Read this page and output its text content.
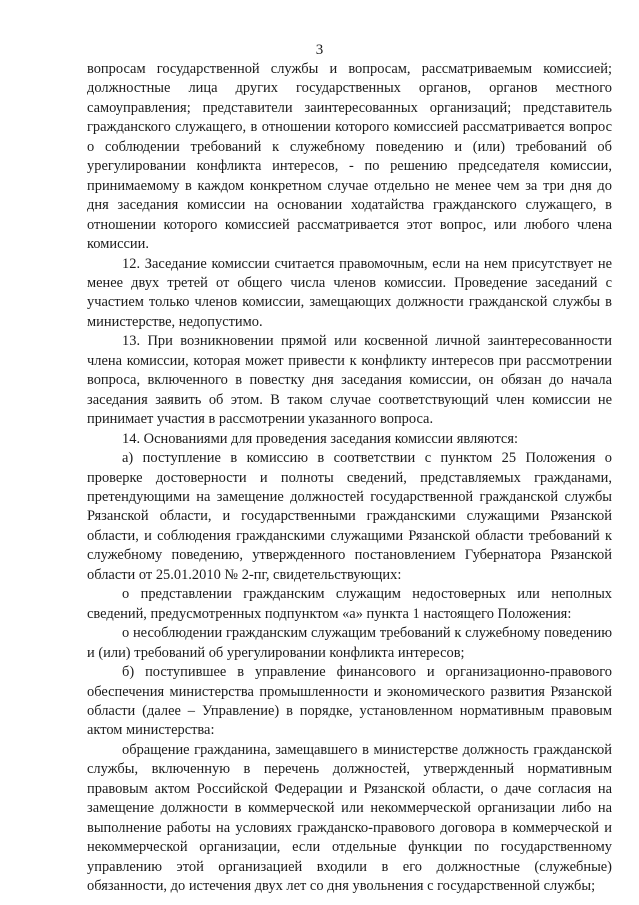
3

вопросам государственной службы и вопросам, рассматриваемым комиссией; должностные лица других государственных органов, органов местного самоуправления; представители заинтересованных организаций; представитель гражданского служащего, в отношении которого комиссией рассматривается вопрос о соблюдении требований к служебному поведению и (или) требований об урегулировании конфликта интересов, - по решению председателя комиссии, принимаемому в каждом конкретном случае отдельно не менее чем за три дня до дня заседания комиссии на основании ходатайства гражданского служащего, в отношении которого комиссией рассматривается этот вопрос, или любого члена комиссии.

12. Заседание комиссии считается правомочным, если на нем присутствует не менее двух третей от общего числа членов комиссии. Проведение заседаний с участием только членов комиссии, замещающих должности гражданской службы в министерстве, недопустимо.

13. При возникновении прямой или косвенной личной заинтересованности члена комиссии, которая может привести к конфликту интересов при рассмотрении вопроса, включенного в повестку дня заседания комиссии, он обязан до начала заседания заявить об этом. В таком случае соответствующий член комиссии не принимает участия в рассмотрении указанного вопроса.

14. Основаниями для проведения заседания комиссии являются:

а) поступление в комиссию в соответствии с пунктом 25 Положения о проверке достоверности и полноты сведений, представляемых гражданами, претендующими на замещение должностей государственной гражданской службы Рязанской области, и государственными гражданскими служащими Рязанской области, и соблюдения гражданскими служащими Рязанской области требований к служебному поведению, утвержденного постановлением Губернатора Рязанской области от 25.01.2010 № 2-пг, свидетельствующих:

о представлении гражданским служащим недостоверных или неполных сведений, предусмотренных подпунктом «а» пункта 1 настоящего Положения:

о несоблюдении гражданским служащим требований к служебному поведению и (или) требований об урегулировании конфликта интересов;

б) поступившее в управление финансового и организационно-правового обеспечения министерства промышленности и экономического развития Рязанской области (далее – Управление) в порядке, установленном нормативным правовым актом министерства:

обращение гражданина, замещавшего в министерстве должность гражданской службы, включенную в перечень должностей, утвержденный нормативным правовым актом Российской Федерации и Рязанской области, о даче согласия на замещение должности в коммерческой или некоммерческой организации либо на выполнение работы на условиях гражданско-правового договора в коммерческой и некоммерческой организации, если отдельные функции по государственному управлению этой организацией входили в его должностные (служебные) обязанности, до истечения двух лет со дня увольнения с государственной службы;
